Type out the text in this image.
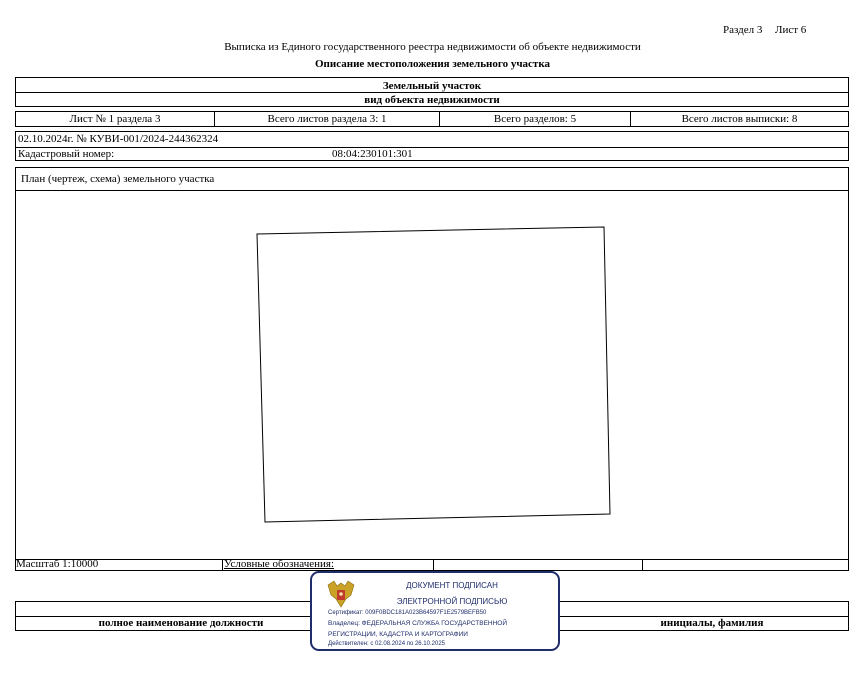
Раздел 3 Лист 6
Выписка из Единого государственного реестра недвижимости об объекте недвижимости
Описание местоположения земельного участка
Земельный участок
вид объекта недвижимости
Лист № 1 раздела 3	Всего листов раздела 3: 1	Всего разделов: 5	Всего листов выписки: 8
02.10.2024г. № КУВИ-001/2024-244362324
Кадастровый номер:	08:04:230101:301
План (чертеж, схема) земельного участка
Масштаб 1:10000	Условные обозначения:
полное наименование должности	инициалы, фамилия
ДОКУМЕНТ ПОДПИСАН
ЭЛЕКТРОННОЙ ПОДПИСЬЮ
Сертификат: 009F0BDC181A023B64597F1E2579BEFB50
Владелец: ФЕДЕРАЛЬНАЯ СЛУЖБА ГОСУДАРСТВЕННОЙ
РЕГИСТРАЦИИ, КАДАСТРА И КАРТОГРАФИИ
Действителен: с 02.08.2024 по 26.10.2025
